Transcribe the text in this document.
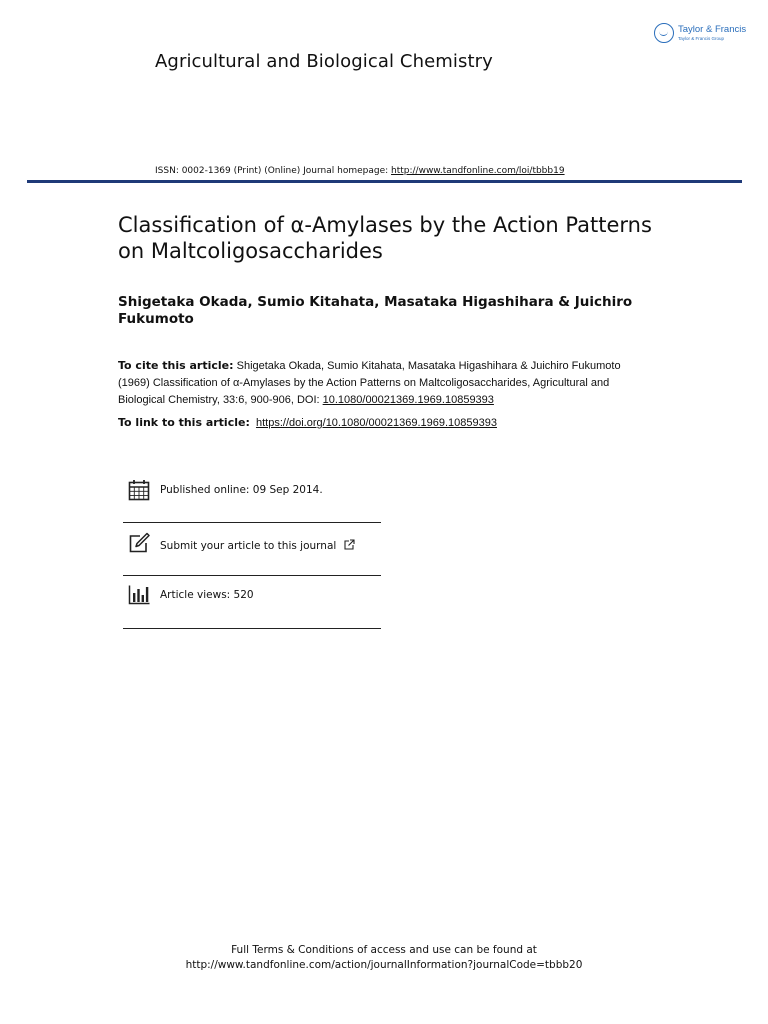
Taylor & Francis
Taylor & Francis Group
Agricultural and Biological Chemistry
ISSN: 0002-1369 (Print) (Online) Journal homepage: http://www.tandfonline.com/loi/tbbb19
Classification of α-Amylases by the Action Patterns on Maltcoligosaccharides
Shigetaka Okada, Sumio Kitahata, Masataka Higashihara & Juichiro Fukumoto
To cite this article: Shigetaka Okada, Sumio Kitahata, Masataka Higashihara & Juichiro Fukumoto (1969) Classification of α-Amylases by the Action Patterns on Maltcoligosaccharides, Agricultural and Biological Chemistry, 33:6, 900-906, DOI: 10.1080/00021369.1969.10859393
To link to this article: https://doi.org/10.1080/00021369.1969.10859393
Published online: 09 Sep 2014.
Submit your article to this journal
Article views: 520
Full Terms & Conditions of access and use can be found at
http://www.tandfonline.com/action/journalInformation?journalCode=tbbb20
